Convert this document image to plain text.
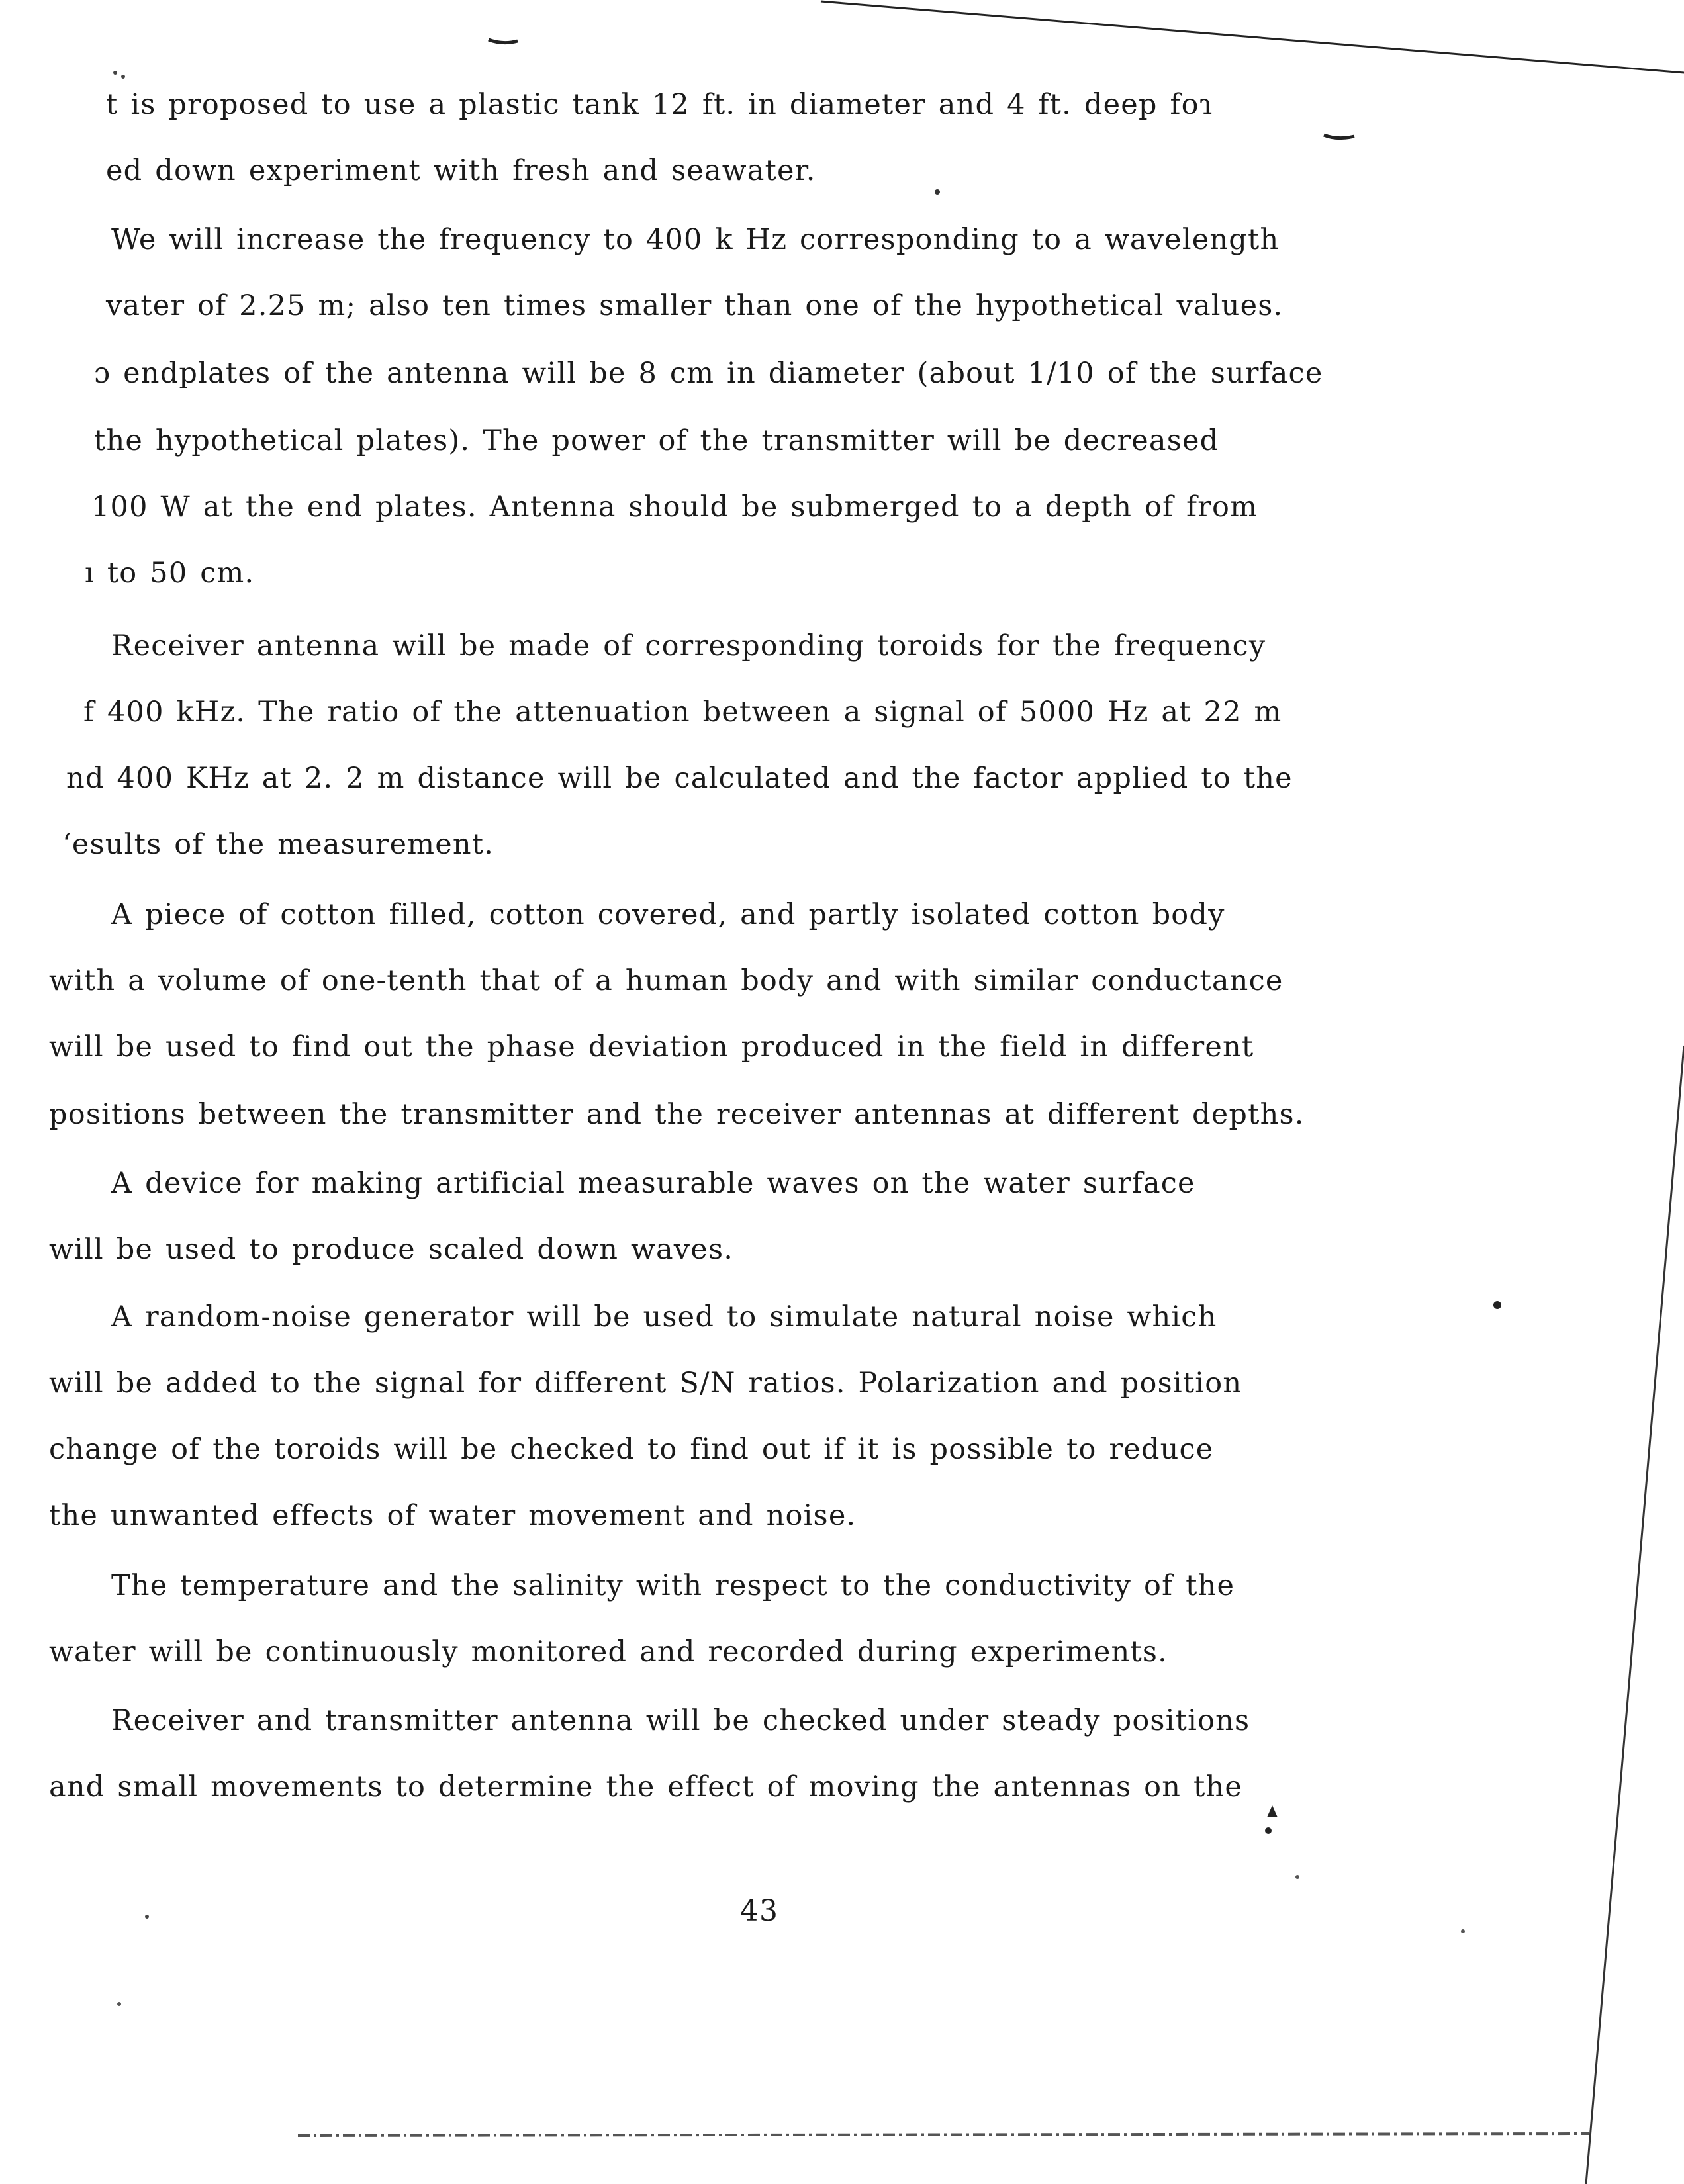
t is proposed to use a plastic tank 12 ft. in diameter and 4 ft. deep foɿ
ed down experiment with fresh and seawater.
We will increase the frequency to 400 k Hz corresponding to a wavelength
vater of 2.25 m; also ten times smaller than one of the hypothetical values.
ɔ endplates of the antenna will be 8 cm in diameter (about 1/10 of the surface
the hypothetical plates). The power of the transmitter will be decreased
100 W at the end plates. Antenna should be submerged to a depth of from
ı to 50 cm.
Receiver antenna will be made of corresponding toroids for the frequency
f 400 kHz. The ratio of the attenuation between a signal of 5000 Hz at 22 m
nd 400 KHz at 2. 2 m distance will be calculated and the factor applied to the
ʻesults of the measurement.
A piece of cotton filled, cotton covered, and partly isolated cotton body
with a volume of one-tenth that of a human body and with similar conductance
will be used to find out the phase deviation produced in the field in different
positions between the transmitter and the receiver antennas at different depths.
A device for making artificial measurable waves on the water surface
will be used to produce scaled down waves.
A random-noise generator will be used to simulate natural noise which
will be added to the signal for different S/N ratios. Polarization and position
change of the toroids will be checked to find out if it is possible to reduce
the unwanted effects of water movement and noise.
The temperature and the salinity with respect to the conductivity of the
water will be continuously monitored and recorded during experiments.
Receiver and transmitter antenna will be checked under steady positions
and small movements to determine the effect of moving the antennas on the
43
